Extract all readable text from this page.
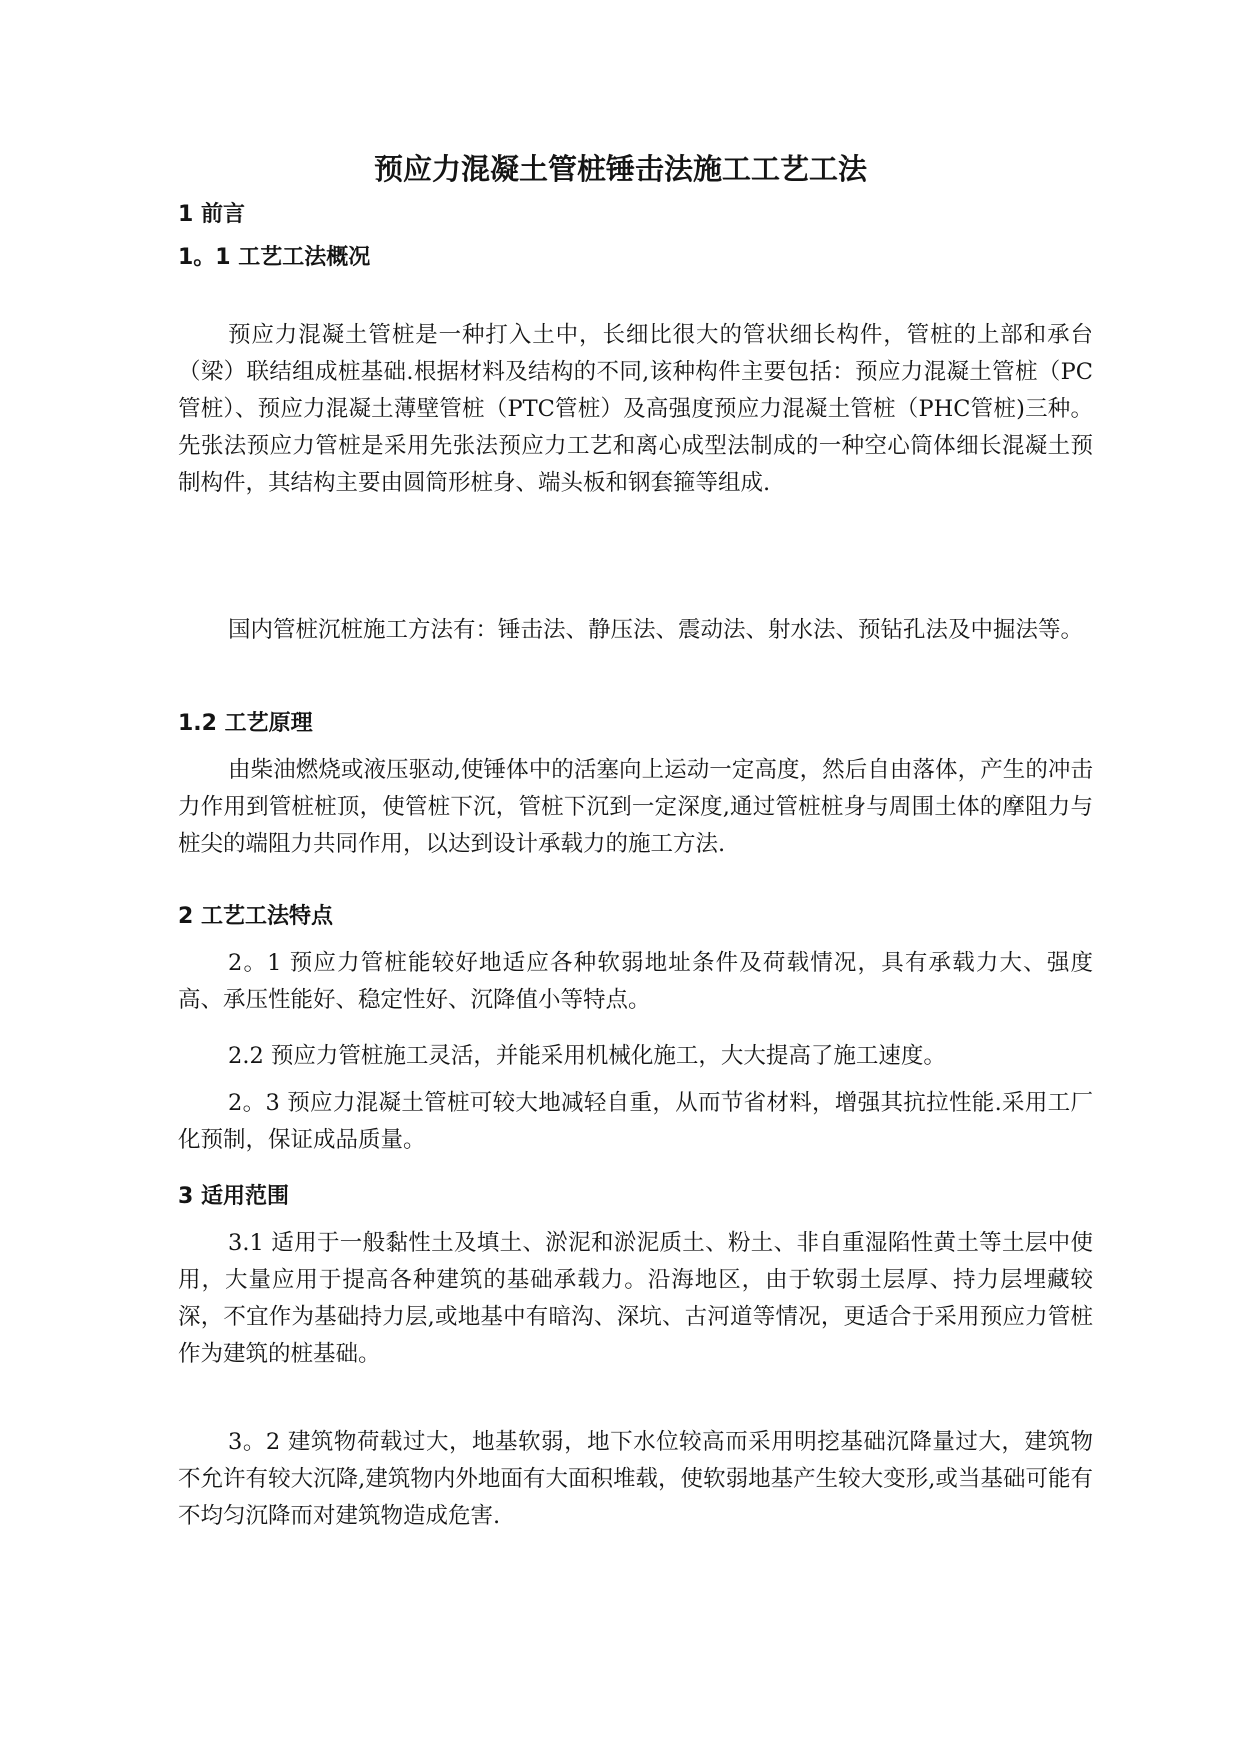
预应力混凝土管桩锤击法施工工艺工法
1 前言
1。1 工艺工法概况

预应力混凝土管桩是一种打入土中，长细比很大的管状细长构件，管桩的上部和承台（梁）联结组成桩基础.根据材料及结构的不同,该种构件主要包括：预应力混凝土管桩（PC管桩）、预应力混凝土薄壁管桩（PTC管桩）及高强度预应力混凝土管桩（PHC管桩)三种。先张法预应力管桩是采用先张法预应力工艺和离心成型法制成的一种空心筒体细长混凝土预制构件，其结构主要由圆筒形桩身、端头板和钢套箍等组成.

国内管桩沉桩施工方法有：锤击法、静压法、震动法、射水法、预钻孔法及中掘法等。

1.2 工艺原理

由柴油燃烧或液压驱动,使锤体中的活塞向上运动一定高度，然后自由落体，产生的冲击力作用到管桩桩顶，使管桩下沉，管桩下沉到一定深度,通过管桩桩身与周围土体的摩阻力与桩尖的端阻力共同作用，以达到设计承载力的施工方法.

2 工艺工法特点

2。1 预应力管桩能较好地适应各种软弱地址条件及荷载情况，具有承载力大、强度高、承压性能好、稳定性好、沉降值小等特点。

2.2 预应力管桩施工灵活，并能采用机械化施工，大大提高了施工速度。

2。3 预应力混凝土管桩可较大地减轻自重，从而节省材料，增强其抗拉性能.采用工厂化预制，保证成品质量。

3 适用范围

3.1 适用于一般黏性土及填土、淤泥和淤泥质土、粉土、非自重湿陷性黄土等土层中使用，大量应用于提高各种建筑的基础承载力。沿海地区，由于软弱土层厚、持力层埋藏较深，不宜作为基础持力层,或地基中有暗沟、深坑、古河道等情况，更适合于采用预应力管桩作为建筑的桩基础。

3。2 建筑物荷载过大，地基软弱，地下水位较高而采用明挖基础沉降量过大，建筑物不允许有较大沉降,建筑物内外地面有大面积堆载，使软弱地基产生较大变形,或当基础可能有不均匀沉降而对建筑物造成危害.
